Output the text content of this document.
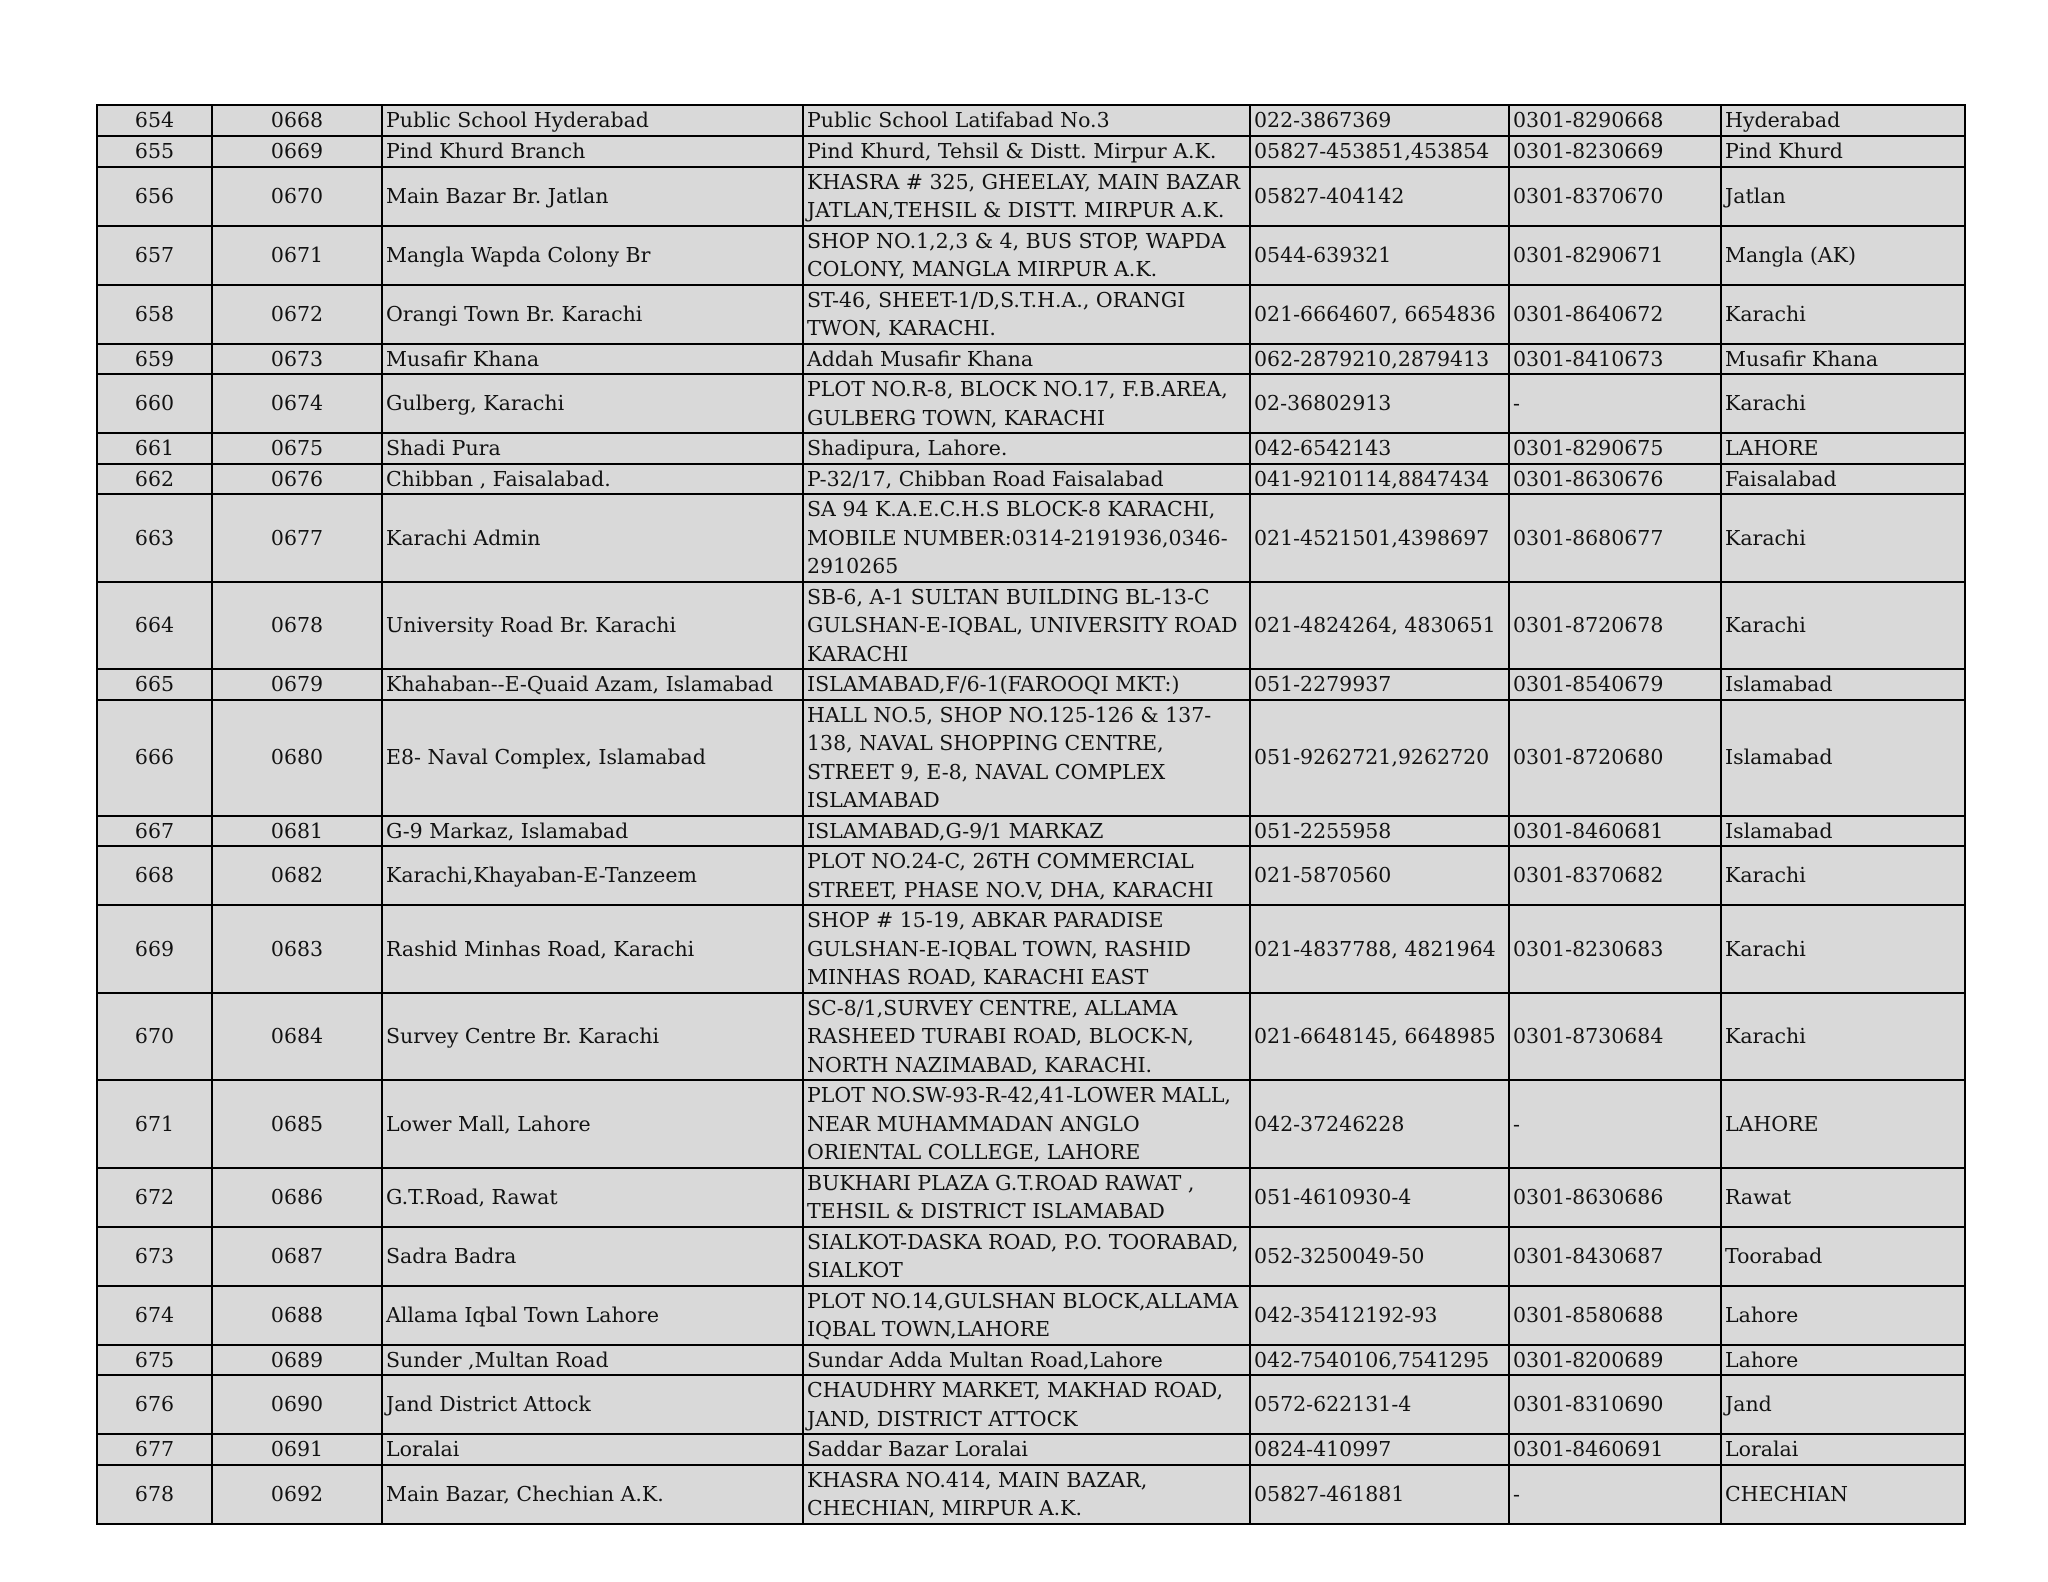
654	0668	Public School Hyderabad	Public School Latifabad No.3	022-3867369	0301-8290668	Hyderabad
655	0669	Pind Khurd Branch	Pind Khurd, Tehsil & Distt. Mirpur A.K.	05827-453851,453854	0301-8230669	Pind Khurd
656	0670	Main Bazar Br. Jatlan	KHASRA # 325, GHEELAY, MAIN BAZAR JATLAN,TEHSIL & DISTT. MIRPUR A.K.	05827-404142	0301-8370670	Jatlan
657	0671	Mangla Wapda Colony Br	SHOP NO.1,2,3 & 4, BUS STOP, WAPDA COLONY, MANGLA MIRPUR A.K.	0544-639321	0301-8290671	Mangla (AK)
658	0672	Orangi Town Br. Karachi	ST-46, SHEET-1/D,S.T.H.A., ORANGI TWON, KARACHI.	021-6664607, 6654836	0301-8640672	Karachi
659	0673	Musafir Khana	Addah Musafir Khana	062-2879210,2879413	0301-8410673	Musafir Khana
660	0674	Gulberg, Karachi	PLOT NO.R-8, BLOCK NO.17, F.B.AREA, GULBERG TOWN, KARACHI	02-36802913	-	Karachi
661	0675	Shadi Pura	Shadipura, Lahore.	042-6542143	0301-8290675	LAHORE
662	0676	Chibban , Faisalabad.	P-32/17, Chibban Road Faisalabad	041-9210114,8847434	0301-8630676	Faisalabad
663	0677	Karachi Admin	SA 94 K.A.E.C.H.S BLOCK-8 KARACHI, MOBILE NUMBER:0314-2191936,0346-2910265	021-4521501,4398697	0301-8680677	Karachi
664	0678	University Road Br. Karachi	SB-6, A-1 SULTAN BUILDING BL-13-C GULSHAN-E-IQBAL, UNIVERSITY ROAD KARACHI	021-4824264, 4830651	0301-8720678	Karachi
665	0679	Khahaban--E-Quaid Azam, Islamabad	ISLAMABAD,F/6-1(FAROOQI MKT:)	051-2279937	0301-8540679	Islamabad
666	0680	E8- Naval Complex, Islamabad	HALL NO.5, SHOP NO.125-126 & 137-138, NAVAL SHOPPING CENTRE, STREET 9, E-8, NAVAL COMPLEX ISLAMABAD	051-9262721,9262720	0301-8720680	Islamabad
667	0681	G-9 Markaz, Islamabad	ISLAMABAD,G-9/1 MARKAZ	051-2255958	0301-8460681	Islamabad
668	0682	Karachi,Khayaban-E-Tanzeem	PLOT NO.24-C, 26TH COMMERCIAL STREET, PHASE NO.V, DHA, KARACHI	021-5870560	0301-8370682	Karachi
669	0683	Rashid Minhas Road, Karachi	SHOP # 15-19, ABKAR PARADISE GULSHAN-E-IQBAL TOWN, RASHID MINHAS ROAD, KARACHI EAST	021-4837788, 4821964	0301-8230683	Karachi
670	0684	Survey Centre Br. Karachi	SC-8/1,SURVEY CENTRE, ALLAMA RASHEED TURABI ROAD, BLOCK-N, NORTH NAZIMABAD, KARACHI.	021-6648145, 6648985	0301-8730684	Karachi
671	0685	Lower Mall, Lahore	PLOT NO.SW-93-R-42,41-LOWER MALL, NEAR MUHAMMADAN ANGLO ORIENTAL COLLEGE, LAHORE	042-37246228	-	LAHORE
672	0686	G.T.Road, Rawat	BUKHARI PLAZA G.T.ROAD RAWAT , TEHSIL & DISTRICT ISLAMABAD	051-4610930-4	0301-8630686	Rawat
673	0687	Sadra Badra	SIALKOT-DASKA ROAD, P.O. TOORABAD, SIALKOT	052-3250049-50	0301-8430687	Toorabad
674	0688	Allama Iqbal Town Lahore	PLOT NO.14,GULSHAN BLOCK,ALLAMA IQBAL TOWN,LAHORE	042-35412192-93	0301-8580688	Lahore
675	0689	Sunder ,Multan Road	Sundar Adda Multan Road,Lahore	042-7540106,7541295	0301-8200689	Lahore
676	0690	Jand District Attock	CHAUDHRY MARKET, MAKHAD ROAD, JAND, DISTRICT ATTOCK	0572-622131-4	0301-8310690	Jand
677	0691	Loralai	Saddar Bazar Loralai	0824-410997	0301-8460691	Loralai
678	0692	Main Bazar, Chechian A.K.	KHASRA NO.414, MAIN BAZAR, CHECHIAN, MIRPUR A.K.	05827-461881	-	CHECHIAN
